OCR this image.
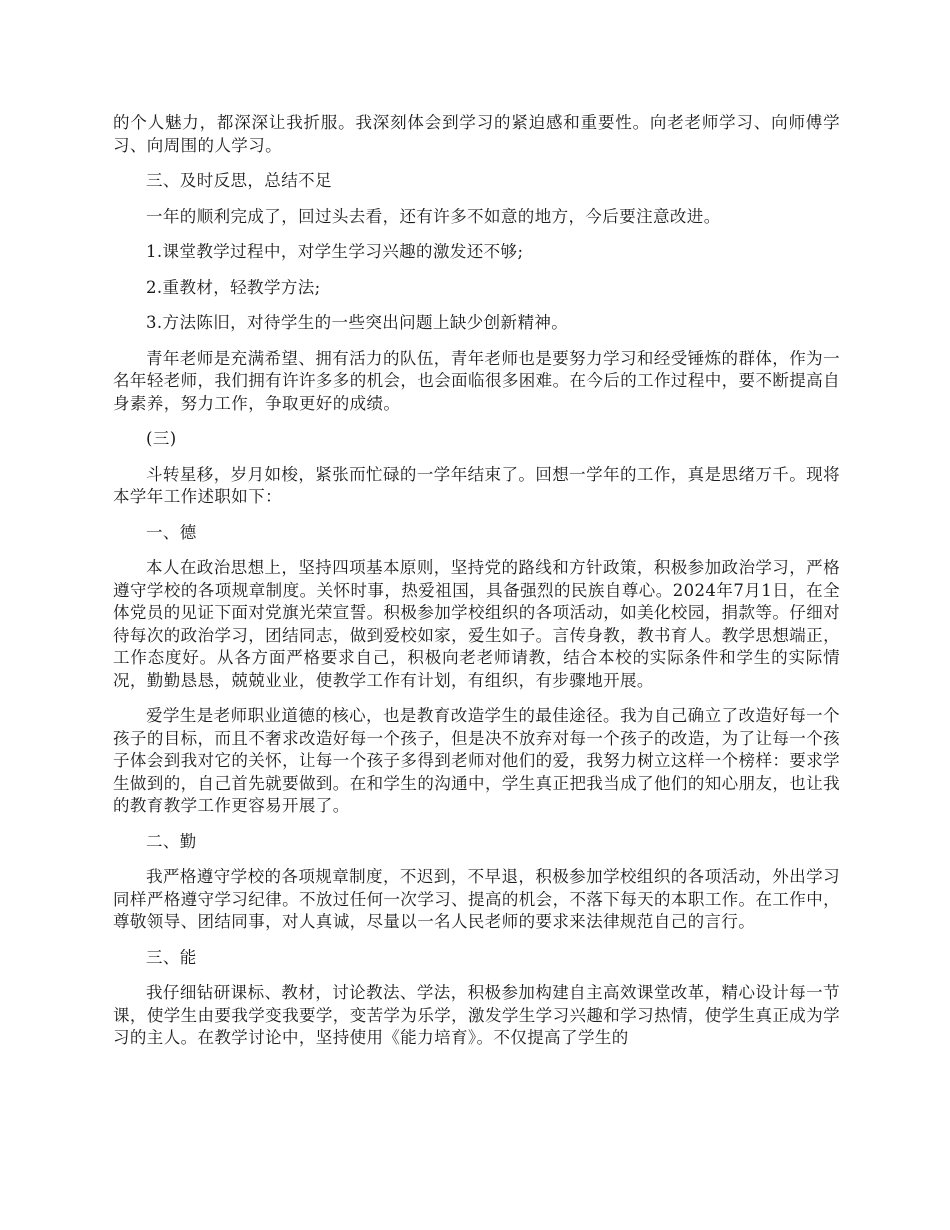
的个人魅力，都深深让我折服。我深刻体会到学习的紧迫感和重要性。向老老师学习、向师傅学习、向周围的人学习。

三、及时反思，总结不足

一年的顺利完成了，回过头去看，还有许多不如意的地方，今后要注意改进。

1.课堂教学过程中，对学生学习兴趣的激发还不够;

2.重教材，轻教学方法;

3.方法陈旧，对待学生的一些突出问题上缺少创新精神。

青年老师是充满希望、拥有活力的队伍，青年老师也是要努力学习和经受锤炼的群体，作为一名年轻老师，我们拥有许许多多的机会，也会面临很多困难。在今后的工作过程中，要不断提高自身素养，努力工作，争取更好的成绩。

(三)

斗转星移，岁月如梭，紧张而忙碌的一学年结束了。回想一学年的工作，真是思绪万千。现将本学年工作述职如下：

一、德

本人在政治思想上，坚持四项基本原则，坚持党的路线和方针政策，积极参加政治学习，严格遵守学校的各项规章制度。关怀时事，热爱祖国，具备强烈的民族自尊心。2024年7月1日，在全体党员的见证下面对党旗光荣宣誓。积极参加学校组织的各项活动，如美化校园，捐款等。仔细对待每次的政治学习，团结同志，做到爱校如家，爱生如子。言传身教，教书育人。教学思想端正，工作态度好。从各方面严格要求自己，积极向老老师请教，结合本校的实际条件和学生的实际情况，勤勤恳恳，兢兢业业，使教学工作有计划，有组织，有步骤地开展。

爱学生是老师职业道德的核心，也是教育改造学生的最佳途径。我为自己确立了改造好每一个孩子的目标，而且不奢求改造好每一个孩子，但是决不放弃对每一个孩子的改造，为了让每一个孩子体会到我对它的关怀，让每一个孩子多得到老师对他们的爱，我努力树立这样一个榜样：要求学生做到的，自己首先就要做到。在和学生的沟通中，学生真正把我当成了他们的知心朋友，也让我的教育教学工作更容易开展了。

二、勤

我严格遵守学校的各项规章制度，不迟到，不早退，积极参加学校组织的各项活动，外出学习同样严格遵守学习纪律。不放过任何一次学习、提高的机会，不落下每天的本职工作。在工作中，尊敬领导、团结同事，对人真诚，尽量以一名人民老师的要求来法律规范自己的言行。

三、能

我仔细钻研课标、教材，讨论教法、学法，积极参加构建自主高效课堂改革，精心设计每一节课，使学生由要我学变我要学，变苦学为乐学，激发学生学习兴趣和学习热情，使学生真正成为学习的主人。在教学讨论中，坚持使用《能力培育》。不仅提高了学生的
